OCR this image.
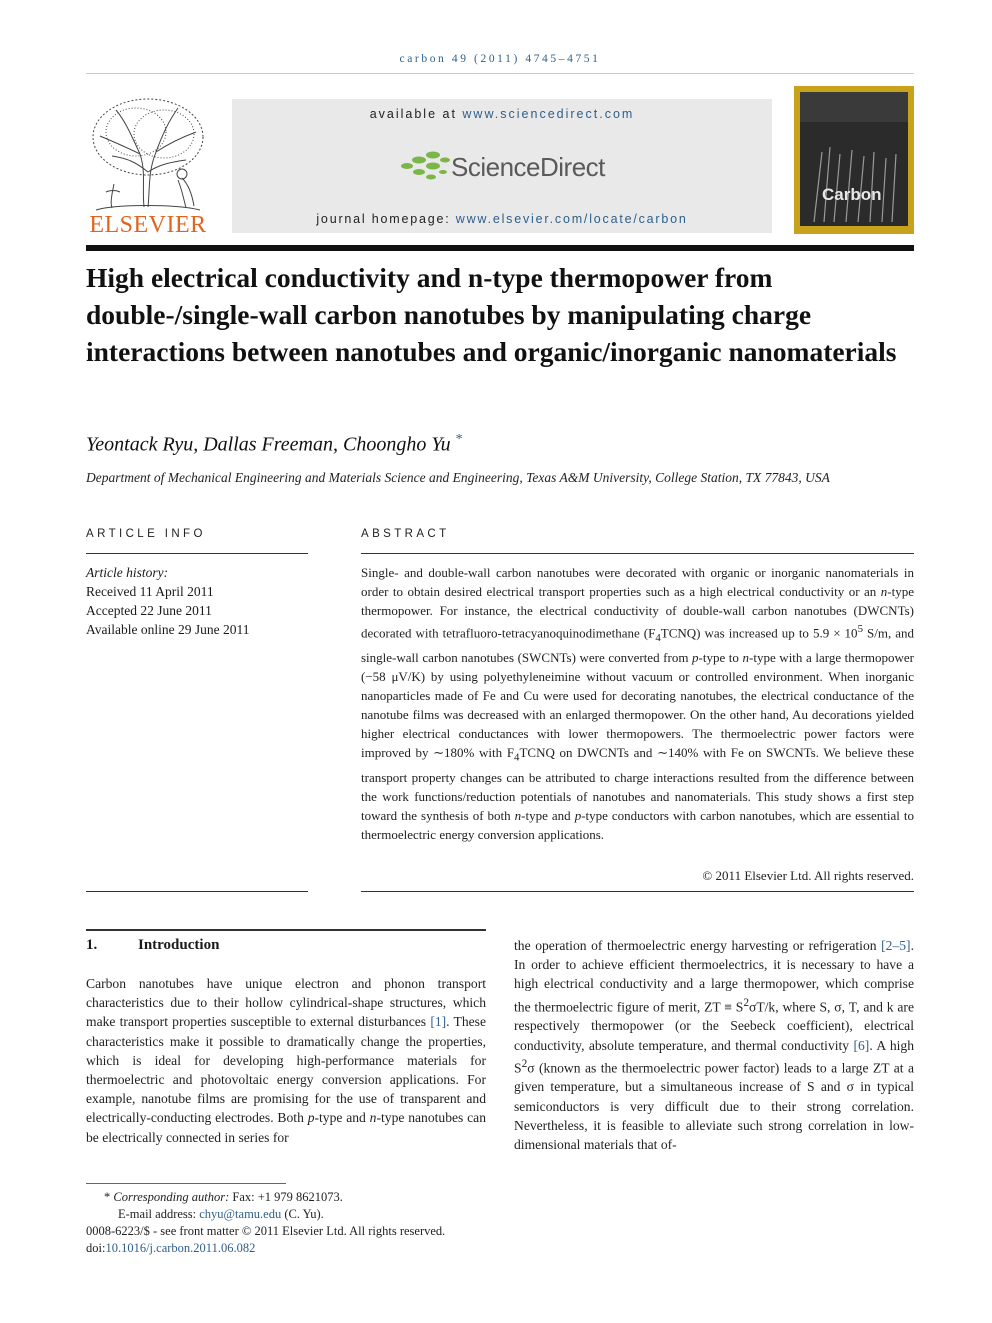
carbon 49 (2011) 4745–4751
ELSEVIER
available at www.sciencedirect.com
ScienceDirect
journal homepage: www.elsevier.com/locate/carbon
Carbon
High electrical conductivity and n-type thermopower from double-/single-wall carbon nanotubes by manipulating charge interactions between nanotubes and organic/inorganic nanomaterials
Yeontack Ryu, Dallas Freeman, Choongho Yu *
Department of Mechanical Engineering and Materials Science and Engineering, Texas A&M University, College Station, TX 77843, USA
ARTICLE INFO
Article history:
Received 11 April 2011
Accepted 22 June 2011
Available online 29 June 2011
ABSTRACT
Single- and double-wall carbon nanotubes were decorated with organic or inorganic nanomaterials in order to obtain desired electrical transport properties such as a high electrical conductivity or an n-type thermopower. For instance, the electrical conductivity of double-wall carbon nanotubes (DWCNTs) decorated with tetrafluoro-tetracyanoquinodimethane $(F_4TCNQ)$ was increased up to $5.9 \times 10^5$ S/m, and single-wall carbon nanotubes (SWCNTs) were converted from p-type to n-type with a large thermopower (−58 μV/K) by using polyethyleneimine without vacuum or controlled environment. When inorganic nanoparticles made of Fe and Cu were used for decorating nanotubes, the electrical conductance of the nanotube films was decreased with an enlarged thermopower. On the other hand, Au decorations yielded higher electrical conductances with lower thermopowers. The thermoelectric power factors were improved by ∼180% with $F_4TCNQ$ on DWCNTs and ∼140% with Fe on SWCNTs. We believe these transport property changes can be attributed to charge interactions resulted from the difference between the work functions/reduction potentials of nanotubes and nanomaterials. This study shows a first step toward the synthesis of both n-type and p-type conductors with carbon nanotubes, which are essential to thermoelectric energy conversion applications.
© 2011 Elsevier Ltd. All rights reserved.
1.	Introduction
Carbon nanotubes have unique electron and phonon transport characteristics due to their hollow cylindrical-shape structures, which make transport properties susceptible to external disturbances [1]. These characteristics make it possible to dramatically change the properties, which is ideal for developing high-performance materials for thermoelectric and photovoltaic energy conversion applications. For example, nanotube films are promising for the use of transparent and electrically-conducting electrodes. Both p-type and n-type nanotubes can be electrically connected in series for
the operation of thermoelectric energy harvesting or refrigeration [2–5]. In order to achieve efficient thermoelectrics, it is necessary to have a high electrical conductivity and a large thermopower, which comprise the thermoelectric figure of merit, ZT ≡ $S^2\sigma T/k$, where S, σ, T, and k are respectively thermopower (or the Seebeck coefficient), electrical conductivity, absolute temperature, and thermal conductivity [6]. A high $S^2\sigma$ (known as the thermoelectric power factor) leads to a large ZT at a given temperature, but a simultaneous increase of S and σ in typical semiconductors is very difficult due to their strong correlation. Nevertheless, it is feasible to alleviate such strong correlation in low-dimensional materials that of-
* Corresponding author: Fax: +1 979 8621073.
E-mail address: chyu@tamu.edu (C. Yu).
0008-6223/$ - see front matter © 2011 Elsevier Ltd. All rights reserved.
doi:10.1016/j.carbon.2011.06.082
